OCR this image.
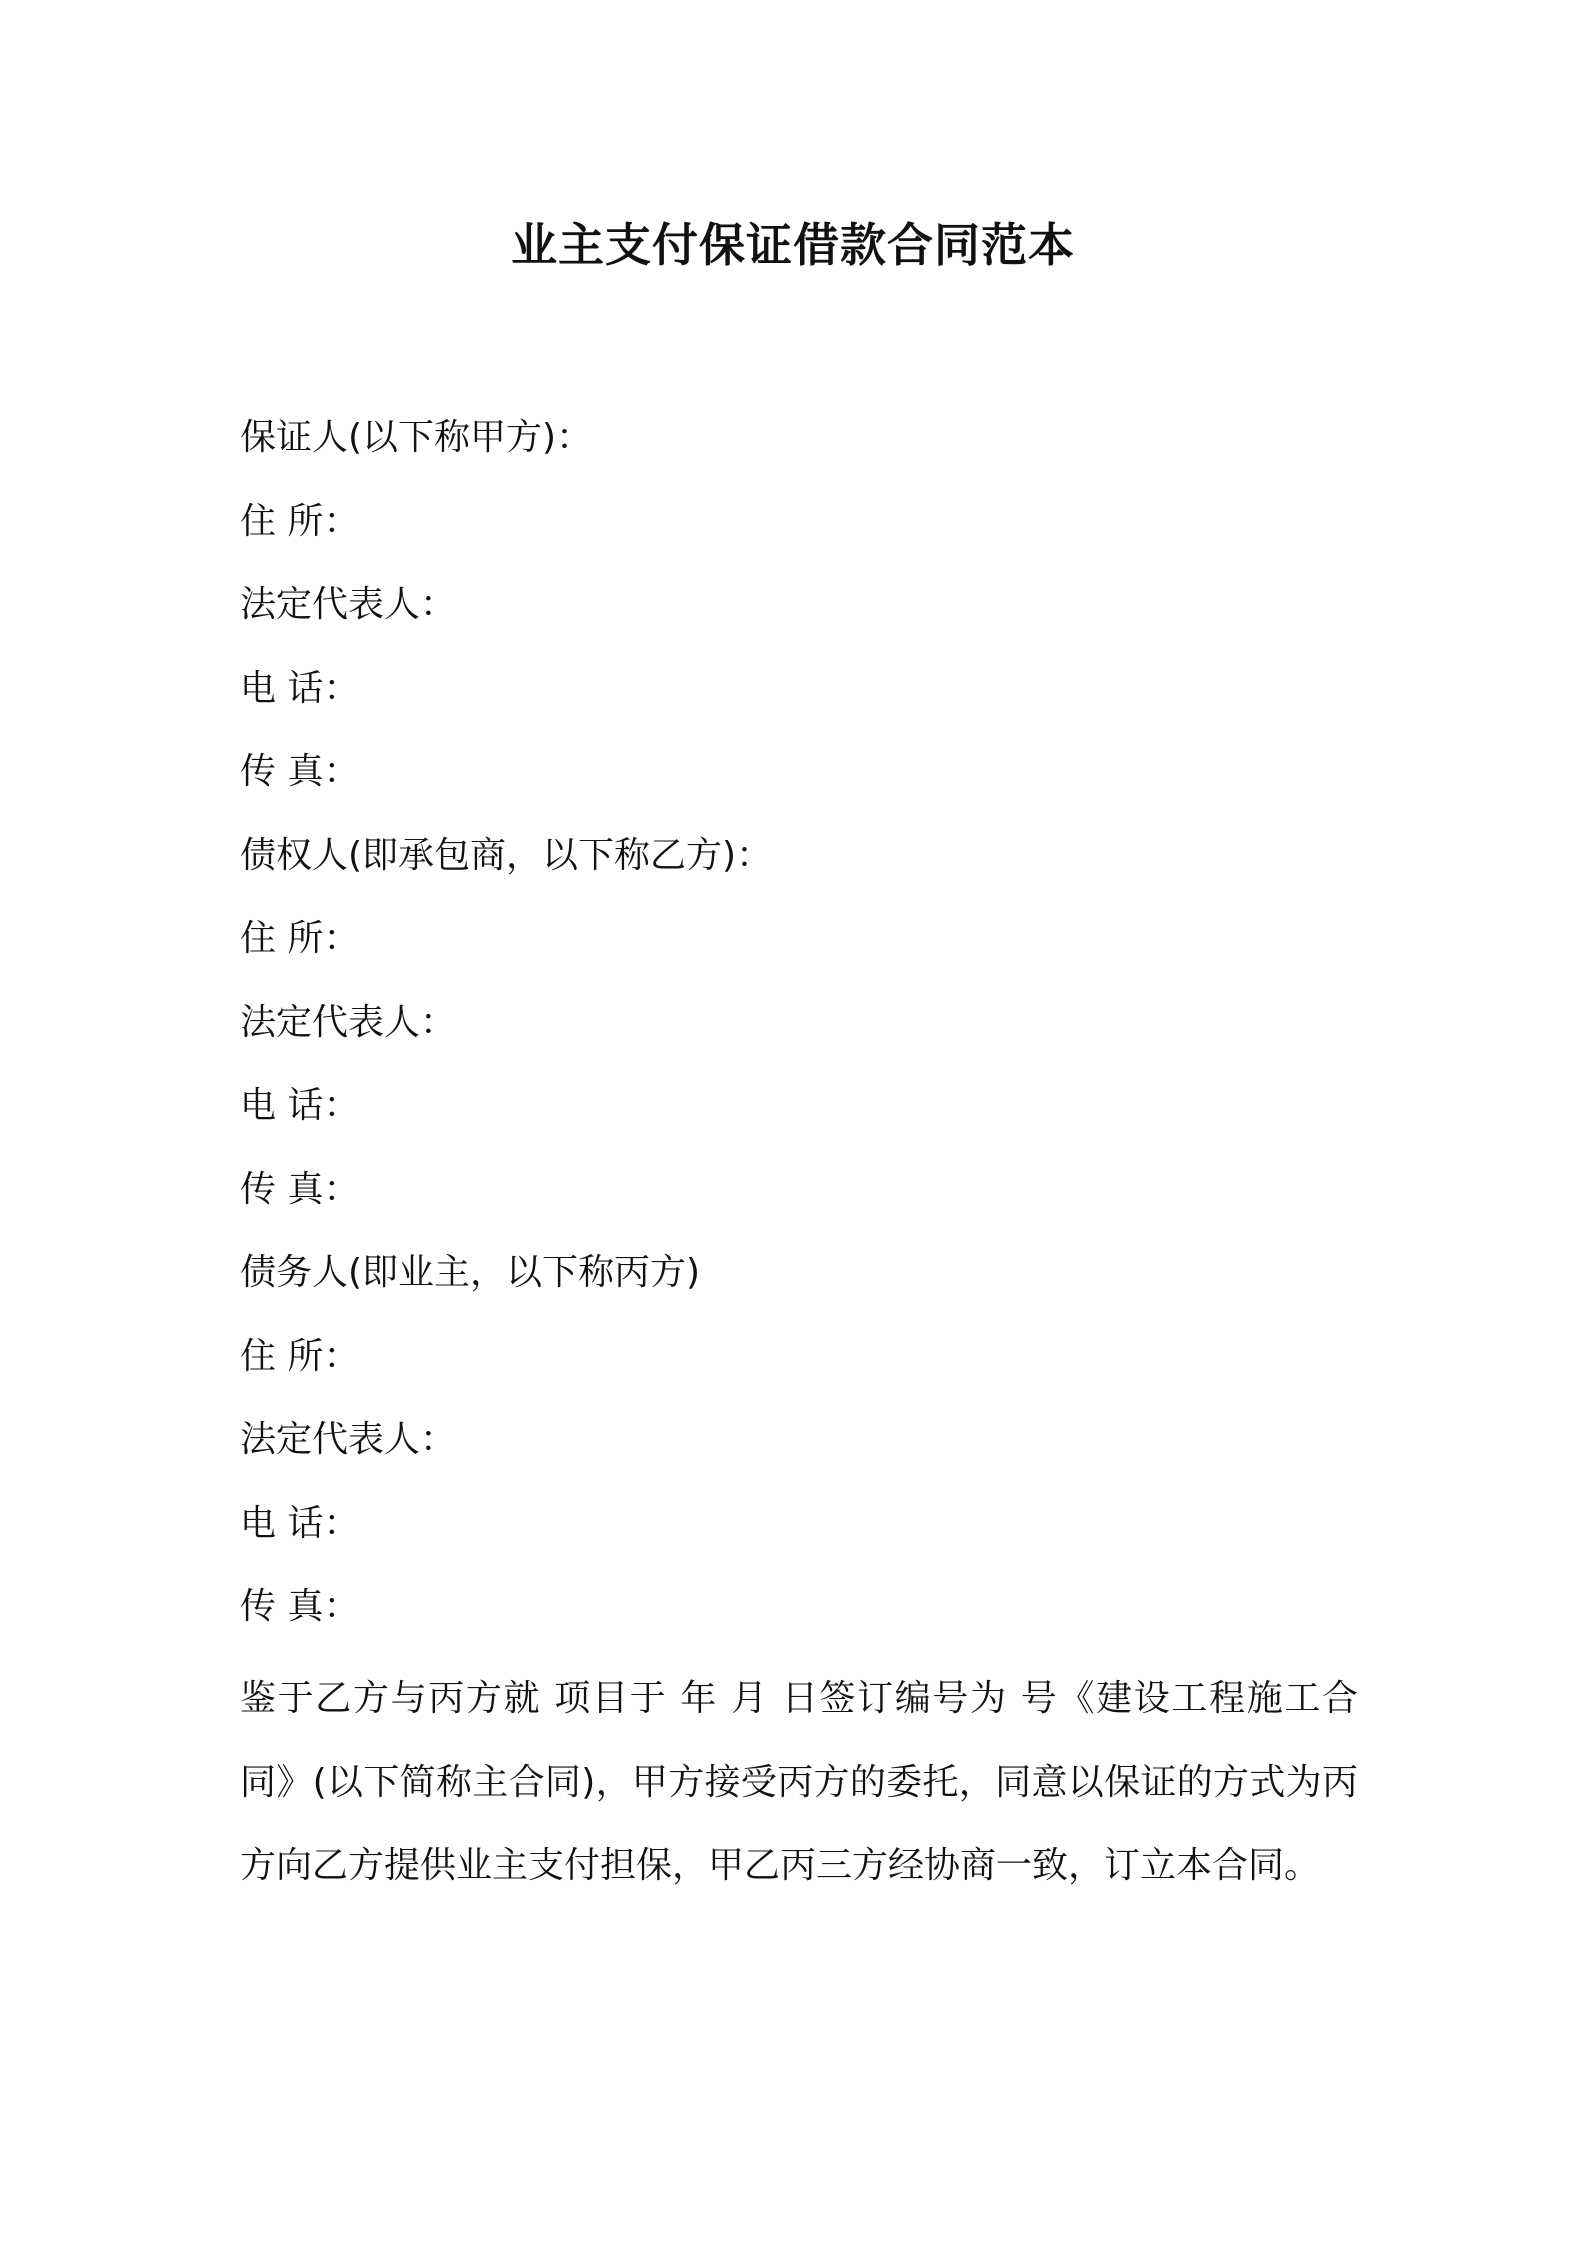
业主支付保证借款合同范本
保证人(以下称甲方)：
住 所：
法定代表人：
电 话：
传 真：
债权人(即承包商，以下称乙方)：
住 所：
法定代表人：
电 话：
传 真：
债务人(即业主，以下称丙方)
住 所：
法定代表人：
电 话：
传 真：
鉴于乙方与丙方就 项目于 年 月 日签订编号为 号《建设工程施工合同》(以下简称主合同)，甲方接受丙方的委托，同意以保证的方式为丙方向乙方提供业主支付担保，甲乙丙三方经协商一致，订立本合同。
